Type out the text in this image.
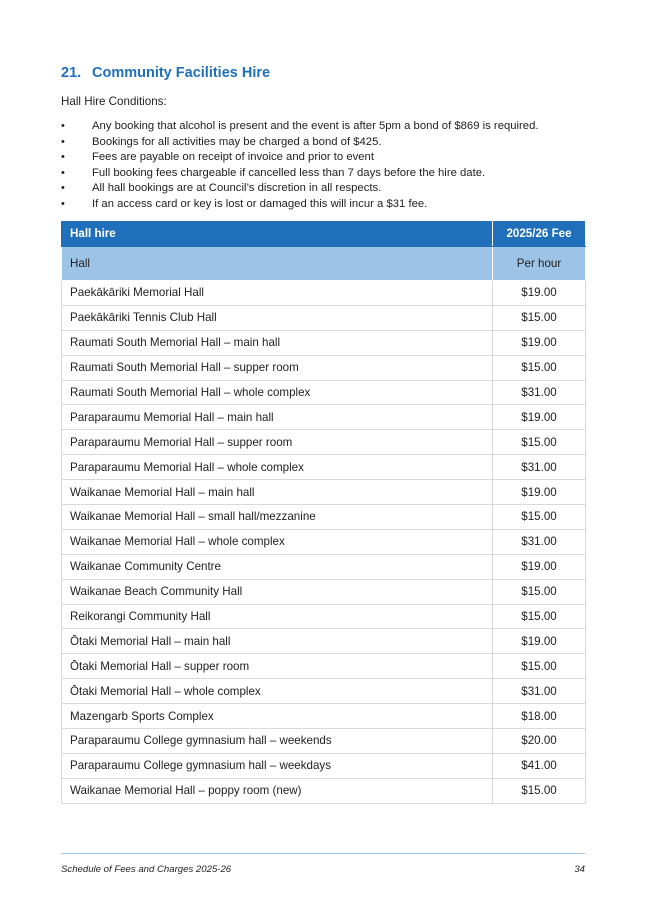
21. Community Facilities Hire

Hall Hire Conditions:

• Any booking that alcohol is present and the event is after 5pm a bond of $869 is required.
• Bookings for all activities may be charged a bond of $425.
• Fees are payable on receipt of invoice and prior to event
• Full booking fees chargeable if cancelled less than 7 days before the hire date.
• All hall bookings are at Council’s discretion in all respects.
• If an access card or key is lost or damaged this will incur a $31 fee.
Hall hire	2025/26 Fee
Hall	Per hour
Paekākāriki Memorial Hall	$19.00
Paekākāriki Tennis Club Hall	$15.00
Raumati South Memorial Hall – main hall	$19.00
Raumati South Memorial Hall – supper room	$15.00
Raumati South Memorial Hall – whole complex	$31.00
Paraparaumu Memorial Hall – main hall	$19.00
Paraparaumu Memorial Hall – supper room	$15.00
Paraparaumu Memorial Hall – whole complex	$31.00
Waikanae Memorial Hall – main hall	$19.00
Waikanae Memorial Hall – small hall/mezzanine	$15.00
Waikanae Memorial Hall – whole complex	$31.00
Waikanae Community Centre	$19.00
Waikanae Beach Community Hall	$15.00
Reikorangi Community Hall	$15.00
Ōtaki Memorial Hall – main hall	$19.00
Ōtaki Memorial Hall – supper room	$15.00
Ōtaki Memorial Hall – whole complex	$31.00
Mazengarb Sports Complex	$18.00
Paraparaumu College gymnasium hall – weekends	$20.00
Paraparaumu College gymnasium hall – weekdays	$41.00
Waikanae Memorial Hall – poppy room (new)	$15.00
Schedule of Fees and Charges 2025-26	34
